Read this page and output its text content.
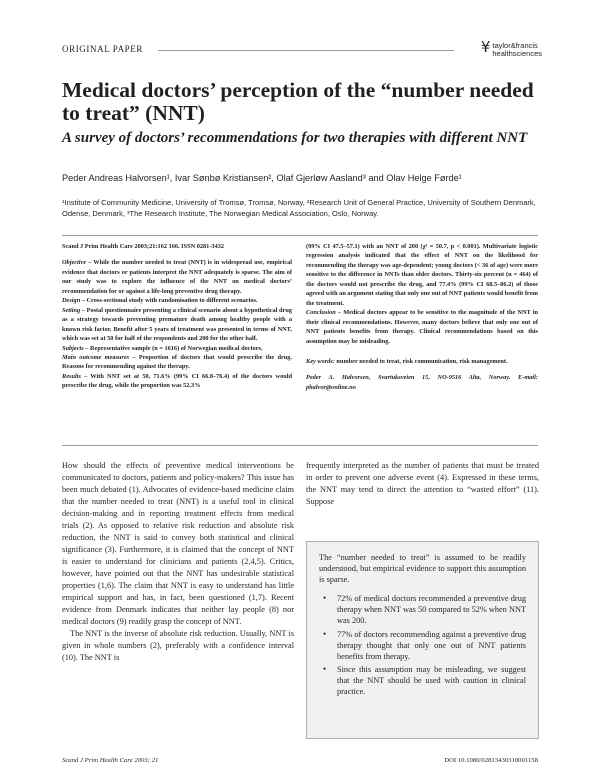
ORIGINAL PAPER	¥ taylor&francis
healthsciences
Medical doctors’ perception of the “number needed to treat” (NNT)
A survey of doctors’ recommendations for two therapies with different NNT
Peder Andreas Halvorsen¹, Ivar Sønbø Kristiansen², Olaf Gjerløw Aasland³ and Olav Helge Førde¹
¹Institute of Community Medicine, University of Tromsø, Tromsø, Norway, ²Research Unit of General Practice, University of Southern Denmark, Odense, Denmark, ³The Research Institute, The Norwegian Medical Association, Oslo, Norway.

Scand J Prim Health Care 2003;21:162 166. ISSN 0281-3432

Objective – While the number needed to treat (NNT) is in widespread use, empirical evidence that doctors or patients interpret the NNT adequately is sparse. The aim of our study was to explore the influence of the NNT on medical doctors’ recommendation for or against a life-long preventive drug therapy.

Design – Cross-sectional study with randomisation to different scenarios.

Setting – Postal questionnaire presenting a clinical scenario about a hypothetical drug as a strategy towards preventing premature death among healthy people with a known risk factor. Benefit after 5 years of treatment was presented in terms of NNT, which was set at 50 for half of the respondents and 200 for the other half.

Subjects – Representative sample (n = 1616) of Norwegian medical doctors.

Main outcome measures – Proportion of doctors that would prescribe the drug. Reasons for recommending against the therapy.

Results – With NNT set at 50, 71.6% (99% CI 66.8–76.4) of the doctors would prescribe the drug, while the proportion was 52.3%

(99% CI 47.5–57.1) with an NNT of 200 (χ² = 50.7, p < 0.001). Multivariate logistic regression analysis indicated that the effect of NNT on the likelihood for recommending the therapy was age-dependent; young doctors (< 36 of age) were more sensitive to the difference in NNTs than older doctors. Thirty-six percent (n = 464) of the doctors would not prescribe the drug, and 77.4% (99% CI 68.5–86.2) of those agreed with an argument stating that only one out of NNT patients would benefit from the treatment.

Conclusion – Medical doctors appear to be sensitive to the magnitude of the NNT in their clinical recommendations. However, many doctors believe that only one out of NNT patients benefits from therapy. Clinical recommendations based on this assumption may be misleading.

Key words: number needed to treat, risk communication, risk management.

Peder A. Halvorsen, Svartuksveien 15, NO-9516 Alta, Norway. E-mail: phalvor@online.no

How should the effects of preventive medical interventions be communicated to doctors, patients and policy-makers? This issue has been much debated (1). Advocates of evidence-based medicine claim that the number needed to treat (NNT) is a useful tool in clinical decision-making and in reporting treatment effects from medical trials (2). As opposed to relative risk reduction and absolute risk reduction, the NNT is said to convey both statistical and clinical significance (3). Furthermore, it is claimed that the concept of NNT is easier to understand for clinicians and patients (2,4,5). Critics, however, have pointed out that the NNT has undesirable statistical properties (1,6). The claim that NNT is easy to understand has little empirical support and has, in fact, been questioned (1,7). Recent evidence from Denmark indicates that neither lay people (8) nor medical doctors (9) readily grasp the concept of NNT.

The NNT is the inverse of absolute risk reduction. Usually, NNT is given in whole numbers (2), preferably with a confidence interval (10). The NNT is

frequently interpreted as the number of patients that must be treated in order to prevent one adverse event (4). Expressed in these terms, the NNT may tend to direct the attention to “wasted effort” (11). Suppose

The “number needed to treat” is assumed to be readily understood, but empirical evidence to support this assumption is sparse.

• 72% of medical doctors recommended a preventive drug therapy when NNT was 50 compared to 52% when NNT was 200.
• 77% of doctors recommending against a preventive drug therapy thought that only one out of NNT patients benefits from therapy.
• Since this assumption may be misleading, we suggest that the NNT should be used with caution in clinical practice.
Scand J Prim Health Care 2003; 21	DOI 10.1080/02813430310001158
